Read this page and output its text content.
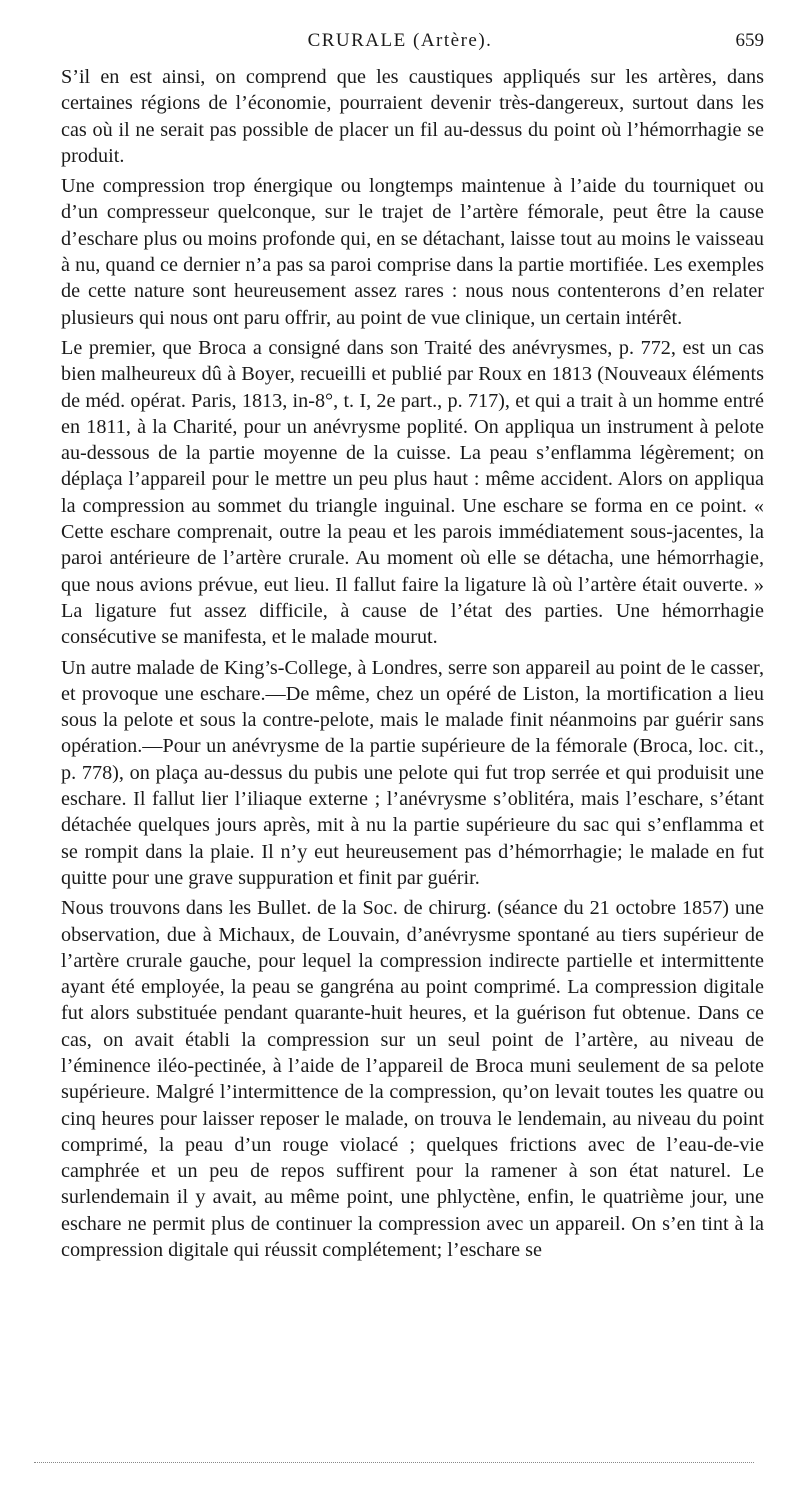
CRURALE (Artère).	659

S’il en est ainsi, on comprend que les caustiques appliqués sur les artères, dans certaines régions de l’économie, pourraient devenir très-dangereux, surtout dans les cas où il ne serait pas possible de placer un fil au-dessus du point où l’hémorrhagie se produit.

Une compression trop énergique ou longtemps maintenue à l’aide du tourniquet ou d’un compresseur quelconque, sur le trajet de l’artère fémorale, peut être la cause d’eschare plus ou moins profonde qui, en se détachant, laisse tout au moins le vaisseau à nu, quand ce dernier n’a pas sa paroi comprise dans la partie mortifiée. Les exemples de cette nature sont heureusement assez rares : nous nous contenterons d’en relater plusieurs qui nous ont paru offrir, au point de vue clinique, un certain intérêt.

Le premier, que Broca a consigné dans son Traité des anévrysmes, p. 772, est un cas bien malheureux dû à Boyer, recueilli et publié par Roux en 1813 (Nouveaux éléments de méd. opérat. Paris, 1813, in-8°, t. I, 2e part., p. 717), et qui a trait à un homme entré en 1811, à la Charité, pour un anévrysme poplité. On appliqua un instrument à pelote au-dessous de la partie moyenne de la cuisse. La peau s’enflamma légèrement; on déplaça l’appareil pour le mettre un peu plus haut : même accident. Alors on appliqua la compression au sommet du triangle inguinal. Une eschare se forma en ce point. « Cette eschare comprenait, outre la peau et les parois immédiatement sous-jacentes, la paroi antérieure de l’artère crurale. Au moment où elle se détacha, une hémorrhagie, que nous avions prévue, eut lieu. Il fallut faire la ligature là où l’artère était ouverte. » La ligature fut assez difficile, à cause de l’état des parties. Une hémorrhagie consécutive se manifesta, et le malade mourut.

Un autre malade de King’s-College, à Londres, serre son appareil au point de le casser, et provoque une eschare.—De même, chez un opéré de Liston, la mortification a lieu sous la pelote et sous la contre-pelote, mais le malade finit néanmoins par guérir sans opération.—Pour un anévrysme de la partie supérieure de la fémorale (Broca, loc. cit., p. 778), on plaça au-dessus du pubis une pelote qui fut trop serrée et qui produisit une eschare. Il fallut lier l’iliaque externe ; l’anévrysme s’oblitéra, mais l’eschare, s’étant détachée quelques jours après, mit à nu la partie supérieure du sac qui s’enflamma et se rompit dans la plaie. Il n’y eut heureusement pas d’hémorrhagie; le malade en fut quitte pour une grave suppuration et finit par guérir.

Nous trouvons dans les Bullet. de la Soc. de chirurg. (séance du 21 octobre 1857) une observation, due à Michaux, de Louvain, d’anévrysme spontané au tiers supérieur de l’artère crurale gauche, pour lequel la compression indirecte partielle et intermittente ayant été employée, la peau se gangréna au point comprimé. La compression digitale fut alors substituée pendant quarante-huit heures, et la guérison fut obtenue. Dans ce cas, on avait établi la compression sur un seul point de l’artère, au niveau de l’éminence iléo-pectinée, à l’aide de l’appareil de Broca muni seulement de sa pelote supérieure. Malgré l’intermittence de la compression, qu’on levait toutes les quatre ou cinq heures pour laisser reposer le malade, on trouva le lendemain, au niveau du point comprimé, la peau d’un rouge violacé ; quelques frictions avec de l’eau-de-vie camphrée et un peu de repos suffirent pour la ramener à son état naturel. Le surlendemain il y avait, au même point, une phlyctène, enfin, le quatrième jour, une eschare ne permit plus de continuer la compression avec un appareil. On s’en tint à la compression digitale qui réussit complétement; l’eschare se
